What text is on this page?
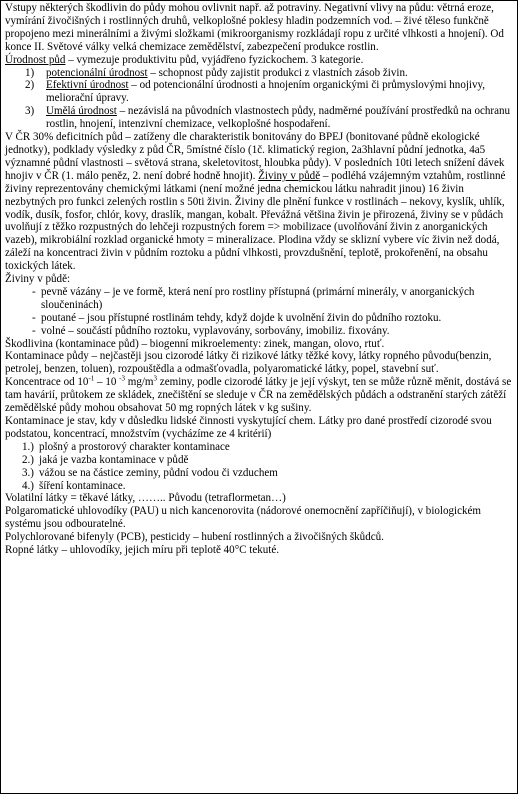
Vstupy některých škodlivin do půdy mohou ovlivnit např. až potraviny. Negativní vlivy na půdu: větrná eroze, vymírání živočišných i rostlinných druhů, velkoplošné poklesy hladin podzemních vod. – živé těleso funkčně propojeno mezi minerálními a živými složkami (mikroorganismy rozkládají ropu z určité vlhkosti a hnojení). Od konce II. Světové války velká chemizace zemědělství, zabezpečení produkce rostlin.

Úrodnost půd – vymezuje produktivitu půd, vyjádřeno fyzickochem. 3 kategorie.

1)	potencionální úrodnost – schopnost půdy zajistit produkci z vlastních zásob živin.
2)	Efektivní úrodnost – od potencionální úrodnosti a hnojením organickými či průmyslovými hnojivy, meliorační úpravy.
3)	Umělá úrodnost – nezávislá na původních vlastnostech půdy, nadměrné používání prostředků na ochranu rostlin, hnojení, intenzivní chemizace, velkoplošné hospodaření.

V ČR 30% deficitních půd – zatíženy dle charakteristik bonitovány do BPEJ (bonitované půdně ekologické jednotky), podklady výsledky z půd ČR, 5místné číslo (1č. klimatický region, 2a3hlavní půdní jednotka, 4a5 významné půdní vlastnosti – světová strana, skeletovitost, hloubka půdy). V posledních 10ti letech snížení dávek hnojiv v ČR (1. málo peněz, 2. není dobré hodně hnojit). Živiny v půdě – podléhá vzájemným vztahům, rostlinné živiny reprezentovány chemickými látkami (není možné jedna chemickou látku nahradit jinou) 16 živin nezbytných pro funkci zelených rostlin s 50ti živin. Živiny dle plnění funkce v rostlinách – nekovy, kyslík, uhlík, vodík, dusík, fosfor, chlór, kovy, draslík, mangan, kobalt. Převážná většina živin je přirozená, živiny se v půdách uvolňují z těžko rozpustných do lehčeji rozpustných forem => mobilizace (uvolňování živin z anorganických vazeb), mikrobiální rozklad organické hmoty = mineralizace. Plodina vždy se sklizní vybere víc živin než dodá, záleží na koncentraci živin v půdním roztoku a půdní vlhkosti, provzdušnění, teplotě, prokořenění, na obsahu toxických látek.

Živiny v půdě:

- pevně vázány – je ve formě, která není pro rostliny přístupná (primární minerály, v anorganických sloučeninách)
- poutané – jsou přístupné rostlinám tehdy, když dojde k uvolnění živin do půdního roztoku.
- volné – součástí půdního roztoku, vyplavovány, sorbovány, imobiliz. fixovány.

Škodlivina (kontaminace půd) – biogenní mikroelementy: zinek, mangan, olovo, rtuť.

Kontaminace půdy – nejčastěji jsou cizorodé látky či rizikové látky těžké kovy, látky ropného původu(benzin, petrolej, benzen, toluen), rozpouštědla a odmašťovadla, polyaromatické látky, popel, stavební suť.

Koncentrace od $10^{-1} - 10$ $^{-3}$ $mg/m^3$ zeminy, podle cizorodé látky je její výskyt, ten se může různě měnit, dostává se tam havárií, průtokem ze skládek, znečištění se sleduje v ČR na zemědělských půdách a odstranění starých zátěží zemědělské půdy mohou obsahovat 50 mg ropných látek v kg sušiny.

Kontaminace je stav, kdy v důsledku lidské činnosti vyskytující chem. Látky pro dané prostředí cizorodé svou podstatou, koncentrací, množstvím (vycházíme ze 4 kritérií)

1.) plošný a prostorový charakter kontaminace
2.) jaká je vazba kontaminace v půdě
3.) vážou se na částice zeminy, půdní vodou či vzduchem
4.) šíření kontaminace.

Volatilní látky = těkavé látky, …….. Původu (tetraflormetan…)

Polgaromatické uhlovodíky (PAU) u nich kancenorovita (nádorové onemocnění zapříčiňují), v biologickém systému jsou odbouratelné.

Polychlorované bifenyly (PCB), pesticidy – hubení rostlinných a živočišných škůdců.

Ropné látky – uhlovodíky, jejich míru při teplotě 40°C tekuté.
